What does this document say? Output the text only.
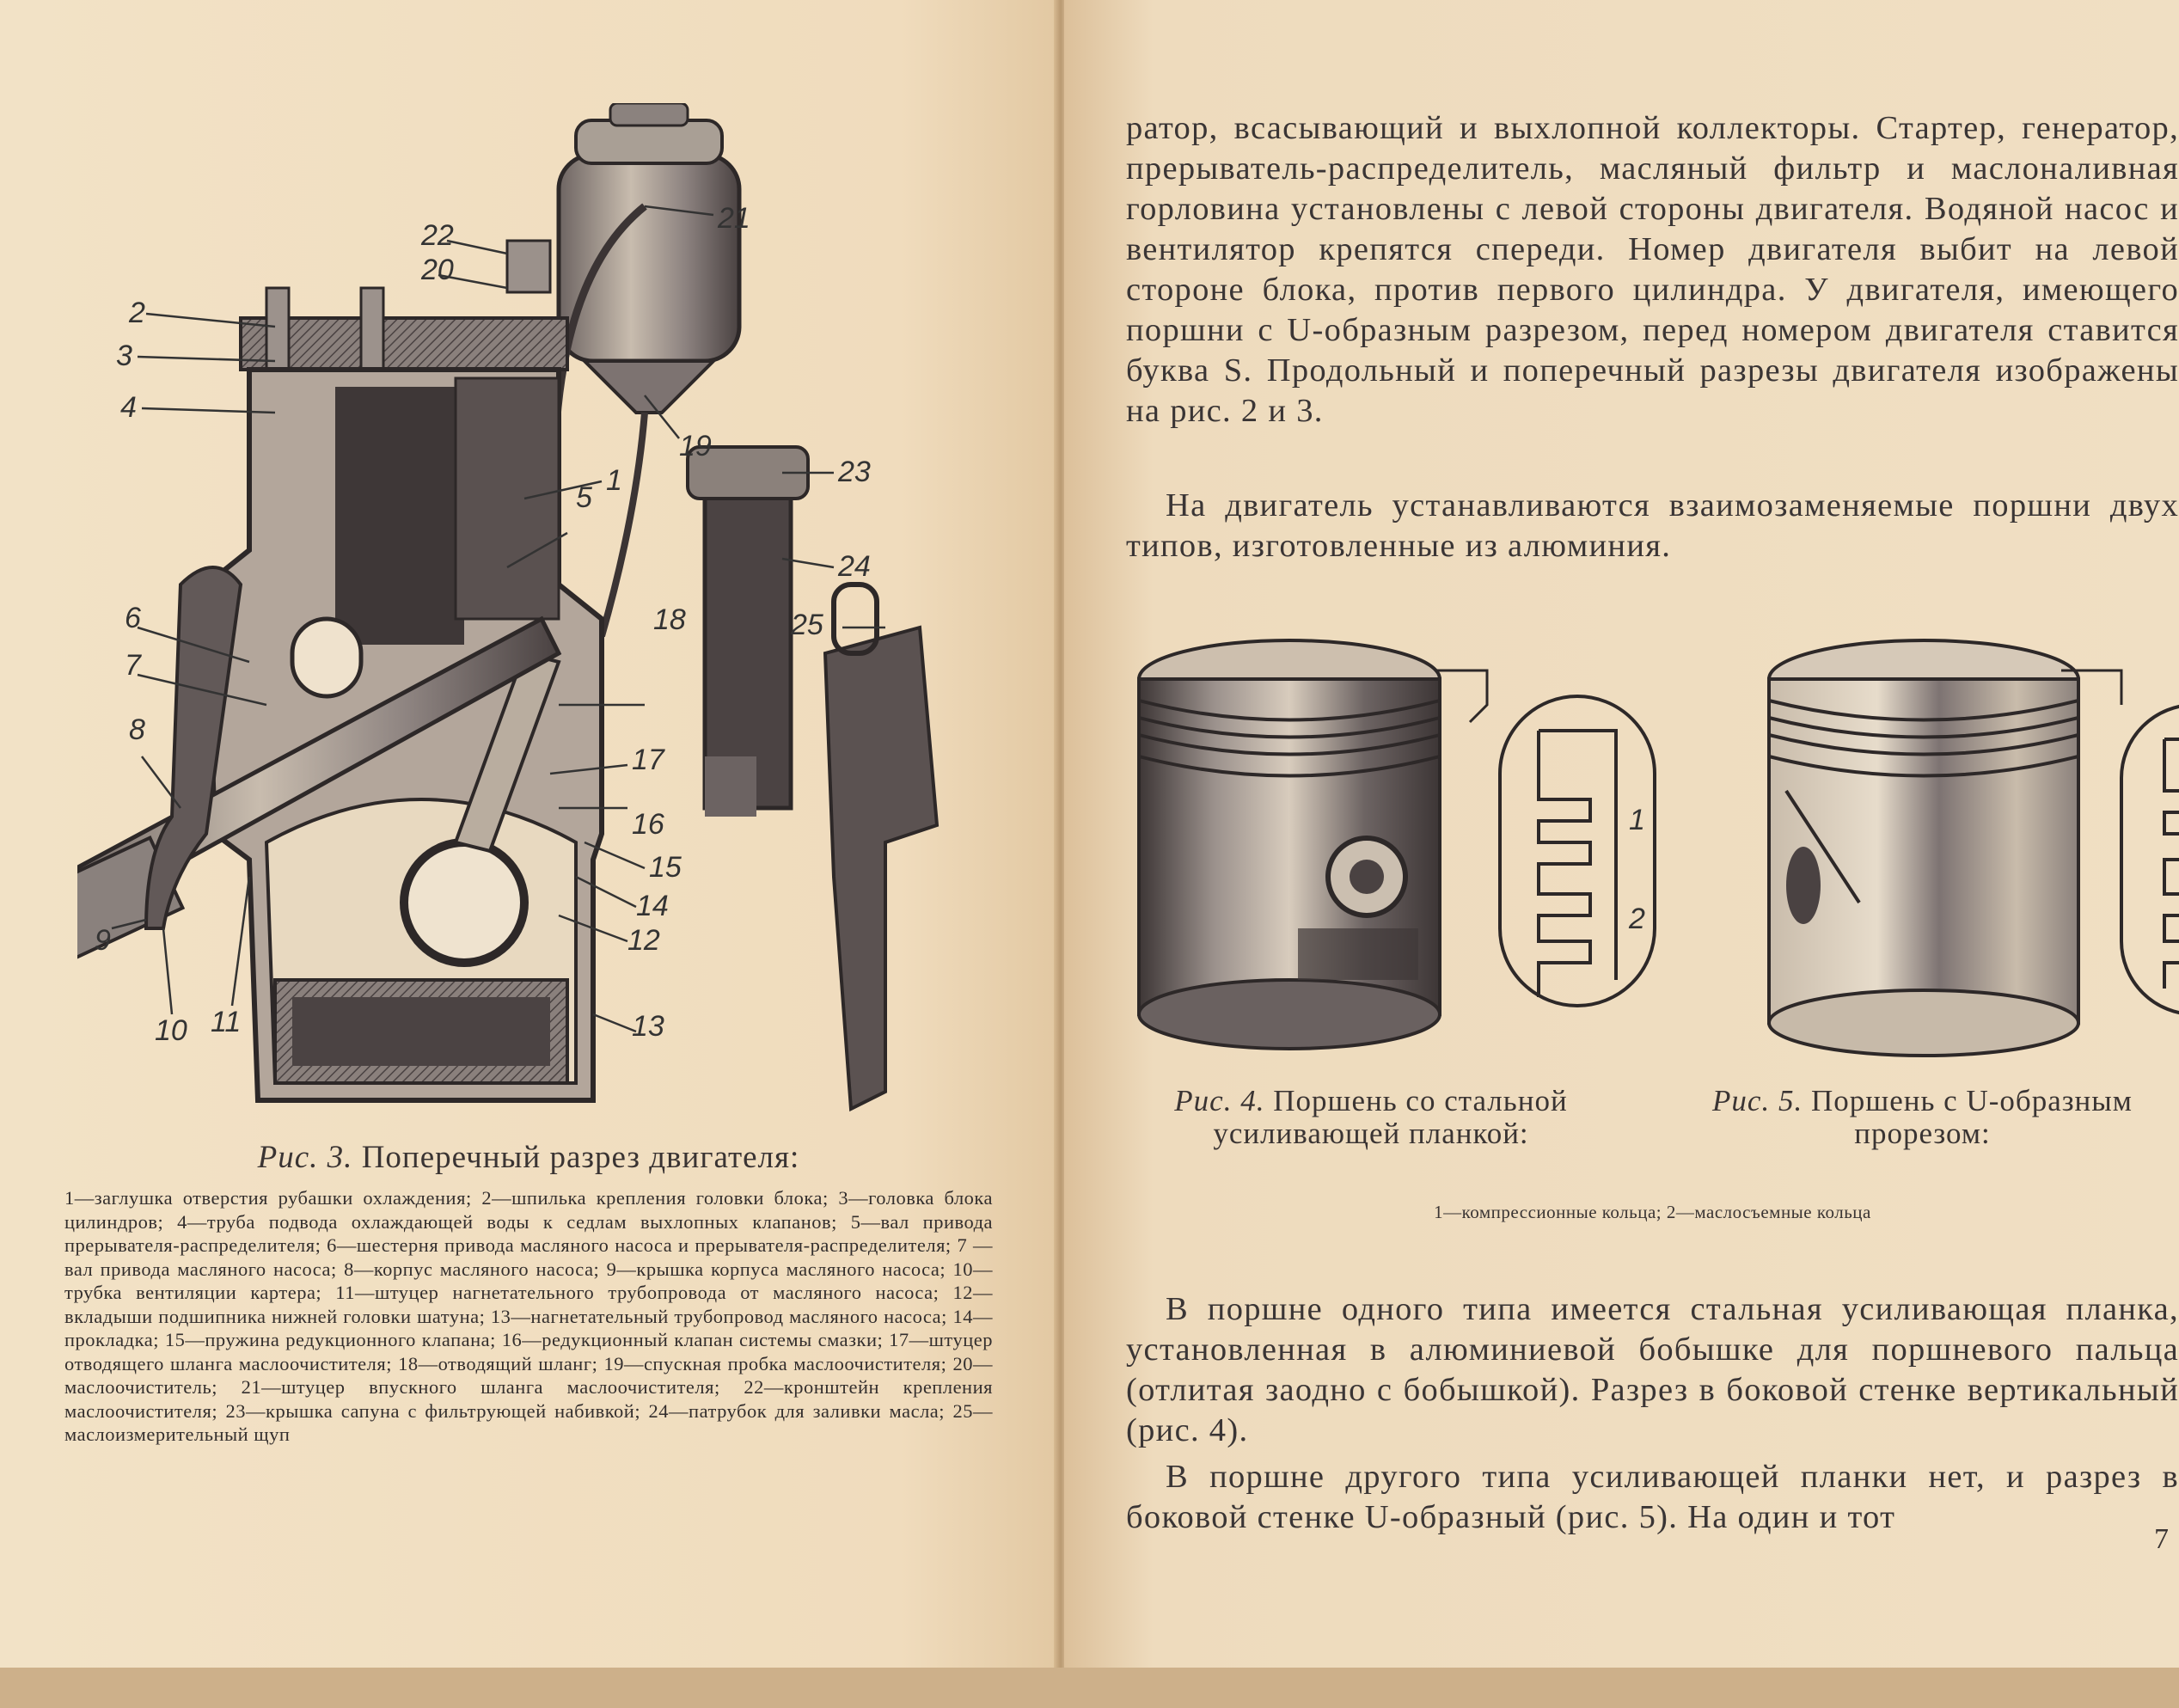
21
22
20
2
3
4
1
5
19
18
17
16
15
14
12
13
23
24
25
6
7
8
9
10 11
Рис. 3. Поперечный разрез двигателя:
1—заглушка отверстия рубашки охлаждения; 2—шпилька крепления головки блока; 3—головка блока цилиндров; 4—труба подвода охлаждающей воды к седлам выхлопных клапанов; 5—вал привода прерывателя-распределителя; 6—шестерня привода масляного насоса и прерывателя-распределителя; 7 — вал привода масляного насоса; 8—корпус масляного насоса; 9—крышка корпуса масляного насоса; 10—трубка вентиляции картера; 11—штуцер нагнетательного трубопровода от масляного насоса; 12—вкладыши подшипника нижней головки шатуна; 13—нагнетательный трубопровод масляного насоса; 14—прокладка; 15—пружина редукционного клапана; 16—редукционный клапан системы смазки; 17—штуцер отводящего шланга маслоочистителя; 18—отводящий шланг; 19—спускная пробка маслоочистителя; 20—маслоочиститель; 21—штуцер впускного шланга маслоочистителя; 22—кронштейн крепления маслоочистителя; 23—крышка сапуна с фильтрующей набивкой; 24—патрубок для заливки масла; 25—маслоизмерительный щуп

ратор, всасывающий и выхлопной коллекторы. Стартер, генератор, прерыватель-распределитель, масляный фильтр и маслоналивная горловина установлены с левой стороны двигателя. Водяной насос и вентилятор крепятся спереди. Номер двигателя выбит на левой стороне блока, против первого цилиндра. У двигателя, имеющего поршни с U-образным разрезом, перед номером двигателя ставится буква S. Продольный и поперечный разрезы двигателя изображены на рис. 2 и 3.

На двигатель устанавливаются взаимозаменяемые поршни двух типов, изготовленные из алюминия.

1
2
Рис. 4. Поршень со стальной усиливающей планкой:
Рис. 5. Поршень с U-образным прорезом:
1—компрессионные кольца; 2—маслосъемные кольца

В поршне одного типа имеется стальная усиливающая планка, установленная в алюминиевой бобышке для поршневого пальца (отлитая заодно с бобышкой). Разрез в боковой стенке вертикальный (рис. 4).

В поршне другого типа усиливающей планки нет, и разрез в боковой стенке U-образный (рис. 5). На один и тот

7
